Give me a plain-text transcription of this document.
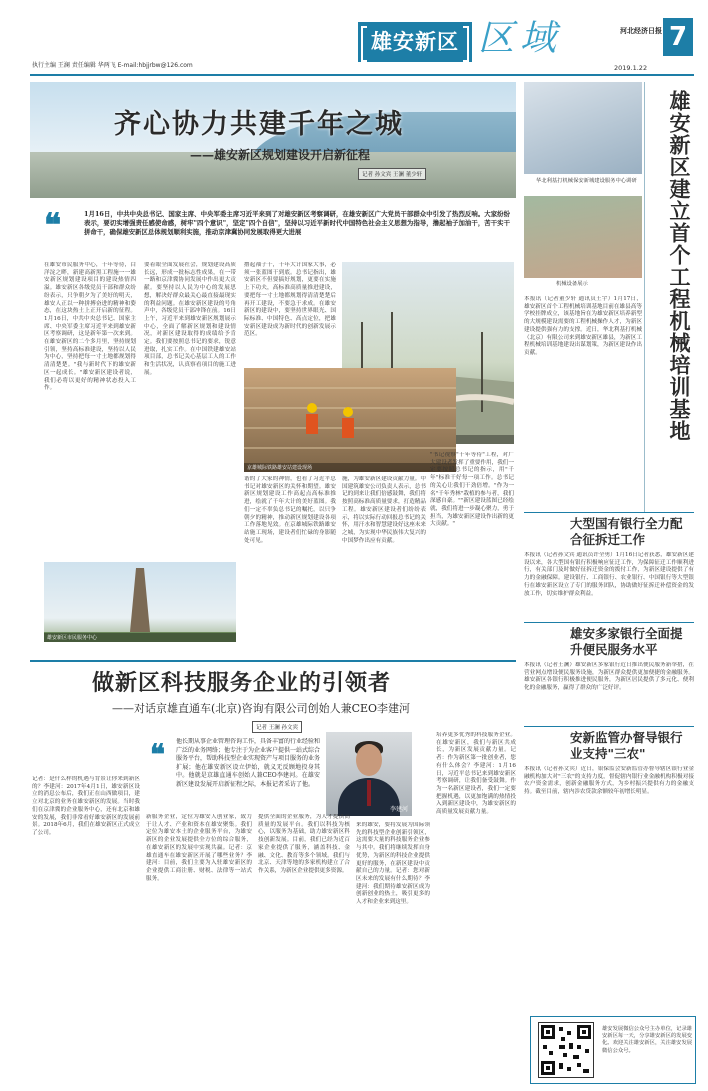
执行主编 王澜 责任编辑 华两飞 E-mail:hbjjrbw@126.com
雄安新区 区域	河北经济日报 7
2019.1.22
齐心协力共建千年之城
——雄安新区规划建设开启新征程
记者 孙文宾 王澜 董少轩
❝	1月16日，中共中央总书记、国家主席、中央军委主席习近平来到了对雄安新区考察调研，在雄安新区广大党员干部群众中引发了热烈反响。大家纷纷表示，要切实增强责任感使命感，树牢"四个意识"，坚定"四个自信"，坚持以习近平新时代中国特色社会主义思想为指导，撸起袖子加油干，苦干实干拼命干，确保雄安新区总体规划顺利实施，推动京津冀协同发展取得更大进展
在雄安市民服务中心，干年等待，白洋淀之畔，新建高新黑工程施一一雄安新区规划建设项目的建设热情四溢。雄安新区各级党员干部和群众纷纷表示，只争朝夕为了美好的明天，雄安人正以一种拼搏奋进的精神和姿态，在这块热土上正开启新的征程。1月16日，中共中央总书记、国家主席、中央军委主席习近平来到雄安新区考察调研，这是新年第一次来到。在雄安新区的二个多月里，坚持规划引领，坚持高标准建设，坚持以人民为中心，坚持把每一寸土地都规划得清清楚楚。"我与新时代下的雄安新区一起成长。"雄安新区建设者说，我们必将以更好的精神状态投入工作。
要着眼全面发展社会，规划建设高质长远，形成一批标志性成果，在一带一路和京津冀协同发展中作出更大贡献。要坚持以人民为中心的发展思想，解决好群众最关心最直接最现实的利益问题。在雄安新区建设的号角声中，各级党员干部冲锋在前。16日上午，习近平来到雄安新区规划展示中心，全面了解新区规划和建设情况，对新区建设取得的成绩给予肯定。我们要按照总书记的要求，锐意进取，扎实工作。在中国铁建雄安站项目部，总书记关心基层工人的工作和生活状况，认真察看项目的施工进展。
撸起袖子干，千年大计国家大事，必须一张蓝图干到底。总书记指出，雄安新区不但要搞好规划，更要在实施上下功夫，高标准高质量推进建设，要把每一寸土地都规划得清清楚楚后再开工建设，不要急于求成。在雄安新区的建设中，要坚持世界眼光、国际标准、中国特色、高点定位，把雄安新区建设成为新时代的创新发展示范区。
京雄城际铁路雄安站建设现场
雄安新区市民服务中心
谐的了大家的神情，也看了习近平总书记对雄安新区的关怀和期望。雄安新区规划建设工作高起点高标准推进，绘就了千年大计的美好蓝图。我们一定不辜负总书记的嘱托，以只争朝夕的精神，推动新区规划建设各项工作落地见效。在京雄城际铁路雄安站施工现场，建设者们忙碌的身影随处可见。
施，为雄安新区建设贡献力量。中国建筑雄安公司负责人表示，总书记的到来让我们倍感鼓舞，我们将按照高标准高质量要求，打造精品工程。雄安新区建设者们纷纷表示，将以实际行动回报总书记的关怀，用汗水和智慧建设好这座未来之城，为实现中华民族伟大复兴的中国梦作出应有贡献。
"书记视察"千年等待"工程，对广大建设者发挥了重要作用，我们一定要按照总书记的指示，用"千年"标准干好每一项工作。总书记的关心让我们干劲倍增。"作为一名"千年秀林"栽植的参与者，我们深感自豪。""新区建设蓝图已经绘就，我们将进一步凝心聚力，勇于担当，为雄安新区建设作出新的更大贡献。"
华北利基打机械保安新城建设服务中心调研
机械设备展示	雄安新区建立首个工程机械培训基地
本报讯（记者董少轩 通讯员王宇）1月17日，雄安新区首个工程机械培训基地目前在雄县高等学校挂牌成立，该基地旨在为雄安新区培养新型的大规模建设需要的工程机械操作人才，为新区建设提供强有力的支撑。近日，华北利基打机械（北京）有限公司来到雄安新区雄县，为新区工程机械培训基地建设出谋划策，为新区建设作出贡献。
大型国有银行全力配合征拆迁工作
本报讯（记者孙文宾 通讯员许全勇）1月16日记者获悉，雄安新区建设以来，各大型国有银行积极响应征迁工作，为保障征迁工作顺利进行，有关部门及时做好征拆迁资金的拨付工作，为新区建设提供了有力的金融保障。建设银行、工商银行、农业银行、中国银行等大型银行在雄安新区设立了专门的服务团队，协助做好征拆迁补偿资金的发放工作，切实维护群众利益。
雄安多家银行全面提升便民服务水平
本报讯（记者王澜）雄安新区多家银行近日推出便民服务新举措，在营业网点增设便民服务设施，为新区群众提供更加便捷的金融服务。雄安新区各银行积极推进便民服务，为新区居民提供了多元化、便利化的金融服务，赢得了群众的广泛好评。
安新监管办督导银行业支持"三农"
本报讯（记者孙文宾）近日，银保监会安新监管办督导辖区银行业金融机构加大对"三农"的支持力度，督促辖内银行业金融机构积极对接农户资金需求，创新金融服务方式，为乡村振兴提供有力的金融支持。截至目前，辖内涉农贷款余额较年初增长明显。
做新区科技服务企业的引领者
——对话京雄直通车(北京)咨询有限公司创始人兼CEO李建河
记者 王澜 孙文宾
❝	他长期从事企业管理咨询工作，具备丰富的行业经验和广泛的业务网络；他专注于为企业客户提供一站式综合服务平台，帮助科技型企业实现资产与项目服务的业务扩展；他在雄安新区设立伊始，就义无反顾地投身其中。他就是京雄直通车创始人兼CEO李建河。在雄安新区建设发展开启新征程之际，本报记者采访了他。
李建河
记者：是什么样的机遇与背景让你来到新区的？李建河：2017年4月1日，雄安新区设立的消息公布后，我们正在山西做项目，建立对北京的业务在雄安新区的发展。当时我们在京津冀的企业服务中心，还有北京和雄安的发展，我们非常看好雄安新区的发展前景。2018年6月，我们在雄安新区正式成立了公司。
新服务企业，定位为雄安人创业家，致力于让人才、产业和资本在雄安聚集。我们定位为雄安本土的企业服务平台，为雄安新区的企业发展提供全方位的综合服务，在雄安新区的发展中实现共赢。记者：京雄直通车在雄安新区开展了哪些业务？李建河：目前，我们主要为入驻雄安新区的企业提供工商注册、财税、法律等一站式服务。
提供全面的企业服务，为人才提供高质量的发展平台。我们以科技为核心，以服务为基础，助力雄安新区科技创新发展。目前，我们已经为近百家企业提供了服务，涵盖科技、金融、文化、教育等多个领域。我们与北京、天津等地的多家机构建立了合作关系，为新区企业提供更多资源。
来的雄安，要将发展为国际领先的科技型企业创新引领区，这需要大量的科技服务企业参与其中。我们将继续发挥自身优势，为新区的科技企业提供更好的服务，在新区建设中贡献自己的力量。记者：您对新区未来的发展有什么期待？李建河：我们期待雄安新区成为创新创业的热土，吸引更多的人才和企业来到这里。
培养更多优秀的科技服务企业。在雄安新区，我们与新区共成长，为新区发展贡献力量。记者：作为新区第一批创业者，您有什么体会？李建河：1月16日，习近平总书记来到雄安新区考察调研，让我们备受鼓舞。作为一名新区建设者，我们一定要把握机遇，以更加饱满的热情投入到新区建设中，为雄安新区的高质量发展贡献力量。
雄安发展微信公众号主办单位，记录雄安新区每一天，分享雄安新区的发展变化。欢迎关注雄安新区，关注雄安发展微信公众号。
